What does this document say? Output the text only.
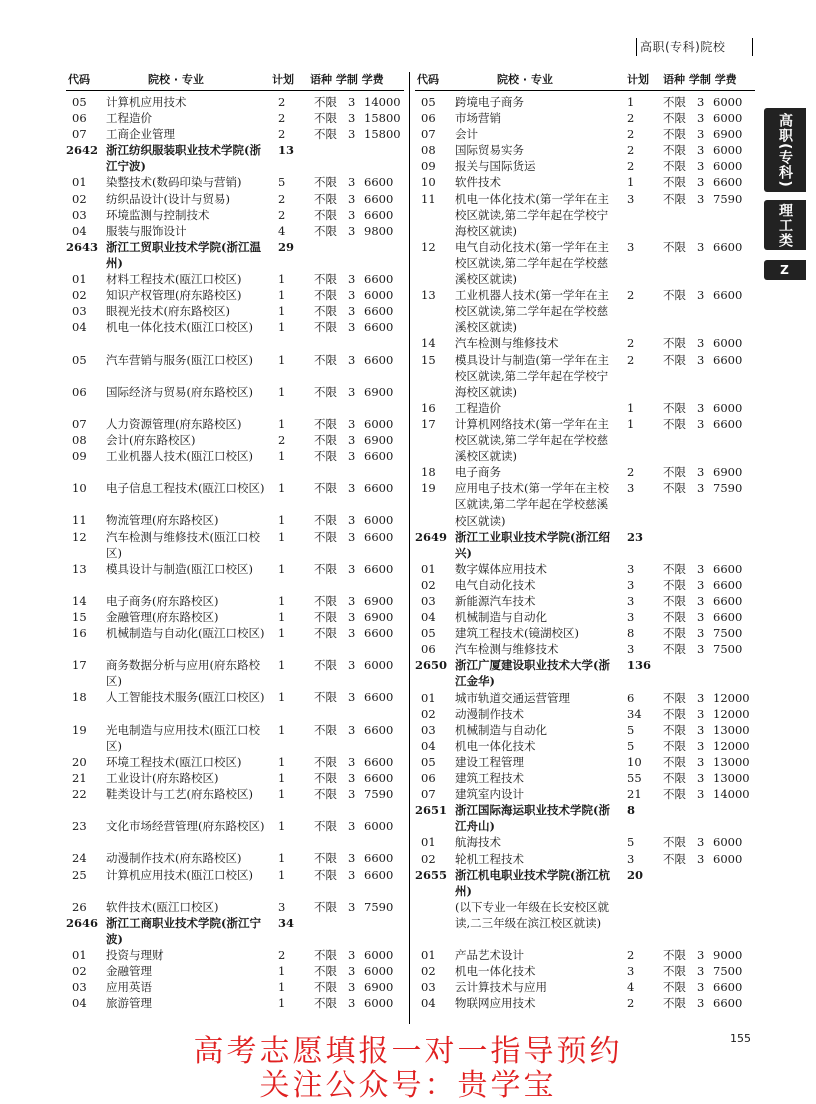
高职(专科)院校
代码	院校 · 专业	计划 语种 学制 学费
05	计算机应用技术	2 不限 3 14000
06	工程造价	2 不限 3 15800
07	工商企业管理	2 不限 3 15800
2642 浙江纺织服装职业技术学院(浙江宁波)
13
01	染整技术(数码印染与营销)	5 不限 3 6600
02	纺织品设计(设计与贸易)	2 不限 3 6600
03	环境监测与控制技术	2 不限 3 6600
04	服装与服饰设计	4 不限 3 9800
2643 浙江工贸职业技术学院(浙江温州)
29
01	材料工程技术(瓯江口校区)	1 不限 3 6600
02	知识产权管理(府东路校区)	1 不限 3 6000
03	眼视光技术(府东路校区)	1 不限 3 6600
04	机电一体化技术(瓯江口校区)	1 不限 3 6600
05	汽车营销与服务(瓯江口校区)	1 不限 3 6600
06	国际经济与贸易(府东路校区)	1 不限 3 6900
07	人力资源管理(府东路校区)	1 不限 3 6000
08	会计(府东路校区)	2 不限 3 6900
09	工业机器人技术(瓯江口校区)	1 不限 3 6600
10	电子信息工程技术(瓯江口校区) 1 不限 3 6600
11	物流管理(府东路校区)	1 不限 3 6000
12	汽车检测与维修技术(瓯江口校区)
1 不限 3 6600
13	模具设计与制造(瓯江口校区)	1 不限 3 6600
14	电子商务(府东路校区)	1 不限 3 6900
15	金融管理(府东路校区)	1 不限 3 6900
16	机械制造与自动化(瓯江口校区) 1 不限 3 6600
17	商务数据分析与应用(府东路校区)
1 不限 3 6000
18	人工智能技术服务(瓯江口校区) 1 不限 3 6600
19	光电制造与应用技术(瓯江口校区)
1 不限 3 6600
20	环境工程技术(瓯江口校区)	1 不限 3 6600
21	工业设计(府东路校区)	1 不限 3 6600
22	鞋类设计与工艺(府东路校区)	1 不限 3 7590
23	文化市场经营管理(府东路校区) 1 不限 3 6000
24	动漫制作技术(府东路校区)	1 不限 3 6600
25	计算机应用技术(瓯江口校区)	1 不限 3 6600
26	软件技术(瓯江口校区)	3 不限 3 7590
2646 浙江工商职业技术学院(浙江宁波)
34
01	投资与理财	2 不限 3 6000
02	金融管理	1 不限 3 6000
03	应用英语	1 不限 3 6900
04	旅游管理	1 不限 3 6000
代码	院校 · 专业	计划 语种 学制 学费
05	跨境电子商务	1 不限 3 6000
06	市场营销	2 不限 3 6000
07	会计	2 不限 3 6900
08	国际贸易实务	2 不限 3 6000
09	报关与国际货运	2 不限 3 6000
10	软件技术	1 不限 3 6600
11	机电一体化技术(第一学年在主校区就读,第二学年起在学校宁海校区就读)
3 不限 3 7590
12	电气自动化技术(第一学年在主校区就读,第二学年起在学校慈溪校区就读)
3 不限 3 6600
13	工业机器人技术(第一学年在主校区就读,第二学年起在学校慈溪校区就读)
2 不限 3 6600
14	汽车检测与维修技术	2 不限 3 6000
15	模具设计与制造(第一学年在主校区就读,第二学年起在学校宁海校区就读)
2 不限 3 6600
16	工程造价	1 不限 3 6000
17	计算机网络技术(第一学年在主校区就读,第二学年起在学校慈溪校区就读)
1 不限 3 6600
18	电子商务	2 不限 3 6900
19	应用电子技术(第一学年在主校区就读,第二学年起在学校慈溪校区就读)
3 不限 3 7590
2649 浙江工业职业技术学院(浙江绍兴)
23
01	数字媒体应用技术	3 不限 3 6600
02	电气自动化技术	3 不限 3 6600
03	新能源汽车技术	3 不限 3 6600
04	机械制造与自动化	3 不限 3 6600
05	建筑工程技术(镜湖校区)	8 不限 3 7500
06	汽车检测与维修技术	3 不限 3 7500
2650 浙江广厦建设职业技术大学(浙江金华)
136
01	城市轨道交通运营管理	6 不限 3 12000
02	动漫制作技术	34 不限 3 12000
03	机械制造与自动化	5 不限 3 13000
04	机电一体化技术	5 不限 3 12000
05	建设工程管理	10 不限 3 13000
06	建筑工程技术	55 不限 3 13000
07	建筑室内设计	21 不限 3 14000
2651 浙江国际海运职业技术学院(浙江舟山)
8
01	航海技术	5 不限 3 6000
02	轮机工程技术	3 不限 3 6000
2655 浙江机电职业技术学院(浙江杭州)
20
(以下专业一年级在长安校区就读,二三年级在滨江校区就读)
01	产品艺术设计	2 不限 3 9000
02	机电一体化技术	3 不限 3 7500
03	云计算技术与应用	4 不限 3 6600
04	物联网应用技术	2 不限 3 6600
高职(专科)
理工类
Z
155
高考志愿填报一对一指导预约
关注公众号：贵学宝
